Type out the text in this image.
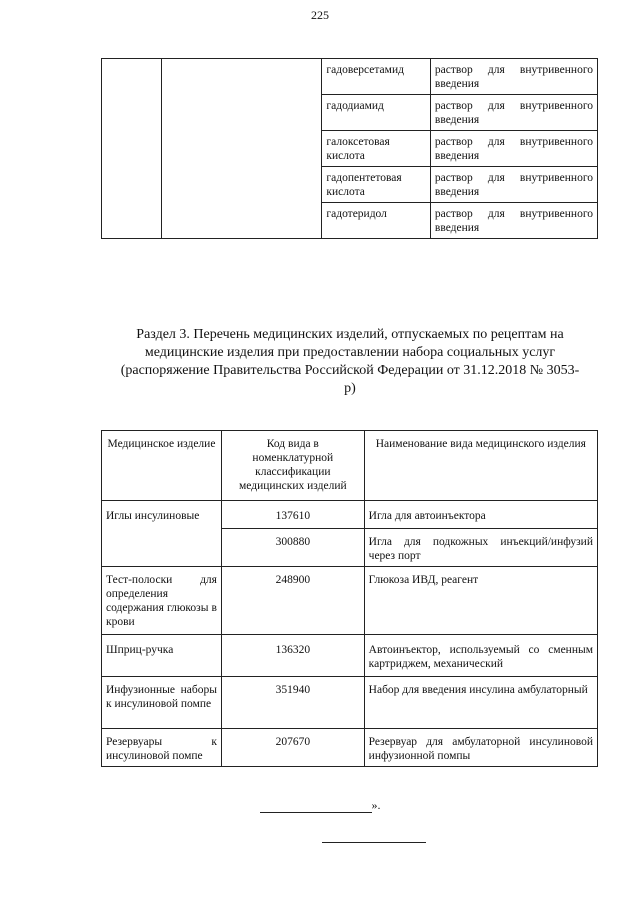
225
		гадоверсетамид	раствор для внутривенного введения
		гадодиамид	раствор для внутривенного введения
		галоксетовая кислота	раствор для внутривенного введения
		гадопентетовая кислота	раствор для внутривенного введения
		гадотеридол	раствор для внутривенного введения
Раздел 3. Перечень медицинских изделий, отпускаемых по рецептам на медицинские изделия при предоставлении набора социальных услуг (распоряжение Правительства Российской Федерации от 31.12.2018 № 3053-р)
Медицинское изделие	Код вида в номенклатурной классификации медицинских изделий	Наименование вида медицинского изделия
Иглы инсулиновые	137610	Игла для автоинъектора
	300880	Игла для подкожных инъекций/инфузий через порт
Тест-полоски для определения содержания глюкозы в крови	248900	Глюкоза ИВД, реагент
Шприц-ручка	136320	Автоинъектор, используемый со сменным картриджем, механический
Инфузионные наборы к инсулиновой помпе	351940	Набор для введения инсулина амбулаторный
Резервуары к инсулиновой помпе	207670	Резервуар для амбулаторной инсулиновой инфузионной помпы
».
